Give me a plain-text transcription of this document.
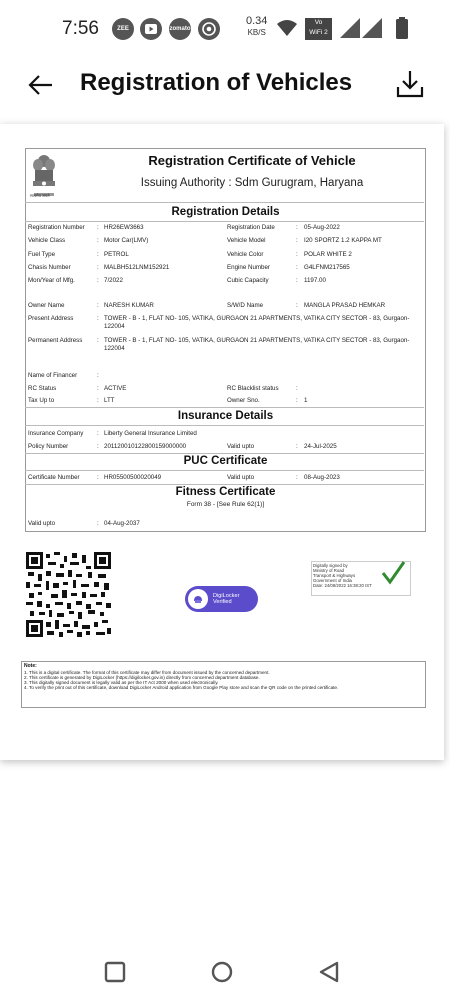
7:56	ZEE	zomato
0.34
KB/S
Vo
WiFi 2
Registration of Vehicles
सत्यमेव जयते
Registration Certificate of Vehicle
Issuing Authority : Sdm Gurugram, Haryana
Registration Details
Registration Number : HR26EW3663	Registration Date	: 05-Aug-2022
Vehicle Class	: Motor Car(LMV)	Vehicle Model	: I20 SPORTZ 1.2 KAPPA MT
Fuel Type	: PETROL	Vehicle Color	: POLAR WHITE 2
Chasis Number	: MALBH512LNM152921	Engine Number	: G4LFNM217565
Mon/Year of Mfg.	: 7/2022	Cubic Capacity	: 1197.00
Owner Name	: NARESH KUMAR	S/W/D Name	: MANGLA PRASAD HEMKAR
Present Address	: TOWER - B - 1, FLAT NO- 105, VATIKA, GURGAON 21 APARTMENTS, VATIKA CITY SECTOR - 83, Gurgaon-122004
Permanent Address : TOWER - B - 1, FLAT NO- 105, VATIKA, GURGAON 21 APARTMENTS, VATIKA CITY SECTOR - 83, Gurgaon-122004
Name of Financer	:
RC Status	: ACTIVE	RC Blacklist status	:
Tax Up to	: LTT	Owner Sno.	: 1
Insurance Details
Insurance Company : Liberty General Insurance Limited
Policy Number	: 201120010122800159000000	Valid upto	: 24-Jul-2025
PUC Certificate
Certificate Number	: HR05500500020049	Valid upto	: 08-Aug-2023
Fitness Certificate
Form 38 - [See Rule 62(1)]
Valid upto	: 04-Aug-2037
DigiLocker
Verified
Digitally signed by
Ministry of Road
Transport & Highways
Government of India
Date: 24/08/2022 16:38:20 IST
Note:
1. This is a digital certificate. The format of this certificate may differ from document issued by the concerned department.
2. This certificate is generated by DigiLocker (https://digilocker.gov.in) directly from concerned department database.
3. This digitally signed document is legally valid as per the IT Act 2000 when used electronically.
4. To verify the print out of this certificate, download DigiLocker Android application from Google Play store and scan the QR code on the printed certificate.
